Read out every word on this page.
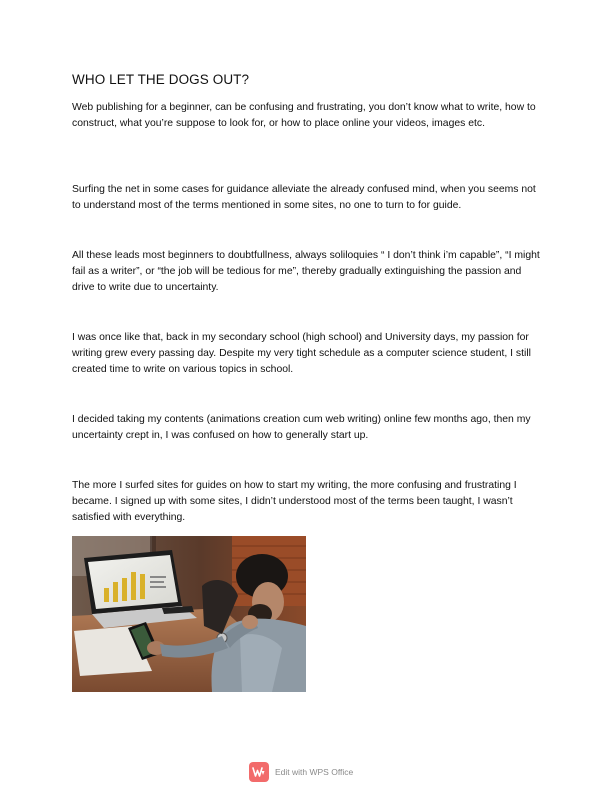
WHO LET THE DOGS OUT?

Web publishing for a beginner, can be confusing and frustrating, you don’t know what to write, how to construct, what you’re suppose to look for, or how to place online your videos, images etc.

Surfing the net in some cases for guidance alleviate the already confused mind, when you seems not to understand most of the terms mentioned in some sites, no one to turn to for guide.

All these leads most beginners to doubtfullness, always soliloquies “ I don’t think i’m capable”, “I might fail as a writer”, or “the job will be tedious for me”, thereby gradually extinguishing the passion and drive to write due to uncertainty.

I was once like that, back in my secondary school (high school) and University days, my passion for writing grew every passing day. Despite my very tight schedule as a computer science student, I still created time to write on various topics in school.

I decided taking my contents (animations creation cum web writing) online few months ago, then my uncertainty crept in, I was confused on how to generally start up.

The more I surfed sites for guides on how to start my writing, the more confusing and frustrating I became. I signed up with some sites, I didn’t understood most of the terms been taught, I wasn’t satisfied with everything.

Edit with WPS Office
